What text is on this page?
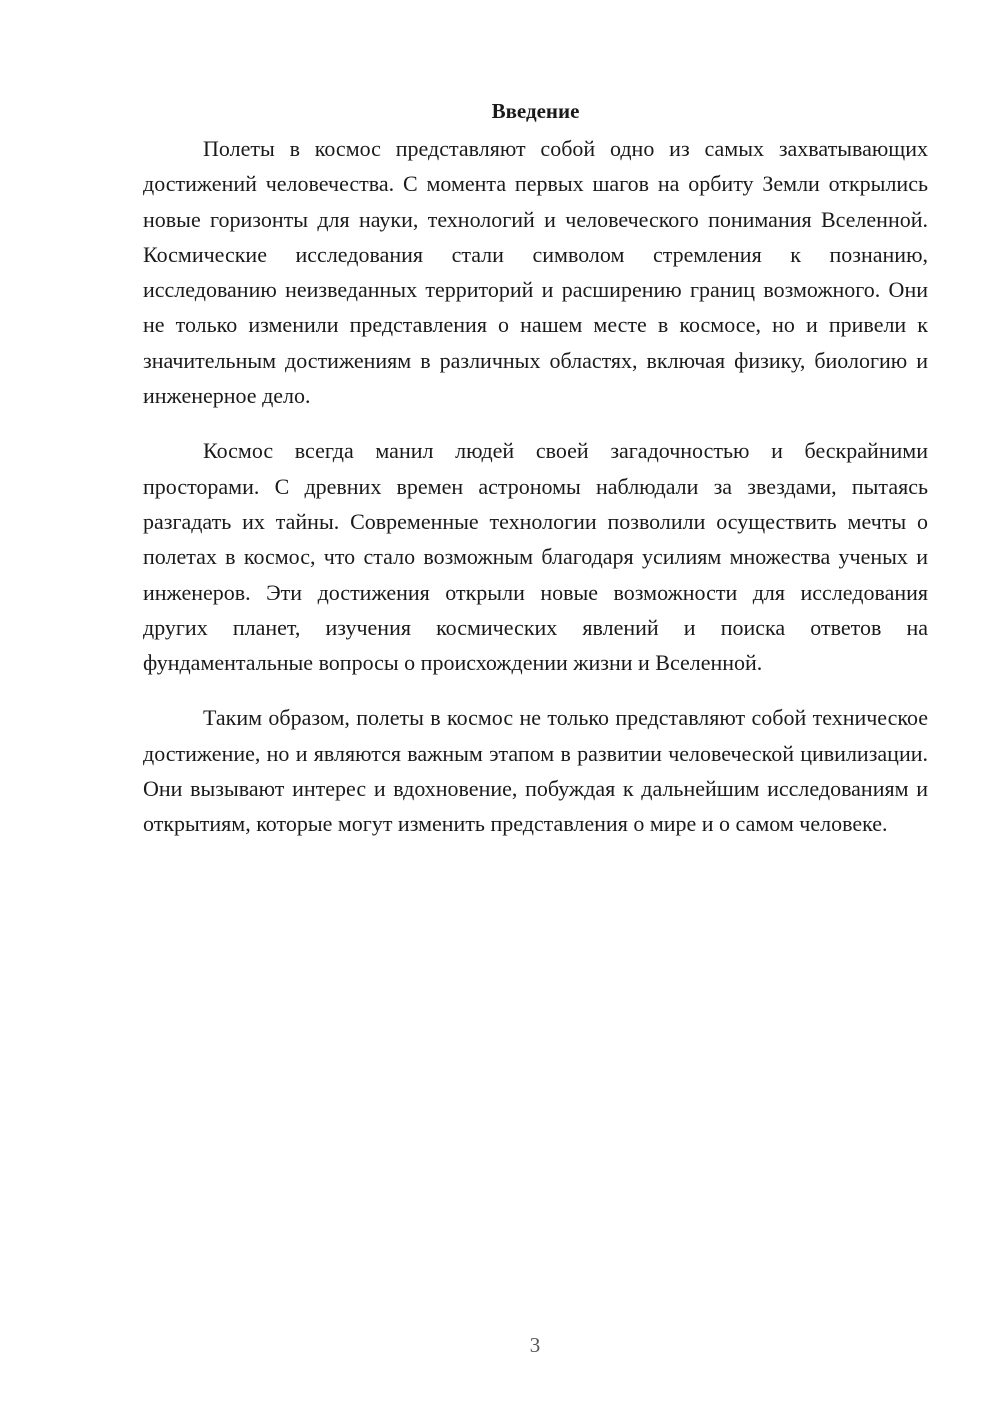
Введение

Полеты в космос представляют собой одно из самых захватывающих достижений человечества. С момента первых шагов на орбиту Земли открылись новые горизонты для науки, технологий и человеческого понимания Вселенной. Космические исследования стали символом стремления к познанию, исследованию неизведанных территорий и расширению границ возможного. Они не только изменили представления о нашем месте в космосе, но и привели к значительным достижениям в различных областях, включая физику, биологию и инженерное дело.

Космос всегда манил людей своей загадочностью и бескрайними просторами. С древних времен астрономы наблюдали за звездами, пытаясь разгадать их тайны. Современные технологии позволили осуществить мечты о полетах в космос, что стало возможным благодаря усилиям множества ученых и инженеров. Эти достижения открыли новые возможности для исследования других планет, изучения космических явлений и поиска ответов на фундаментальные вопросы о происхождении жизни и Вселенной.

Таким образом, полеты в космос не только представляют собой техническое достижение, но и являются важным этапом в развитии человеческой цивилизации. Они вызывают интерес и вдохновение, побуждая к дальнейшим исследованиям и открытиям, которые могут изменить представления о мире и о самом человеке.

3
